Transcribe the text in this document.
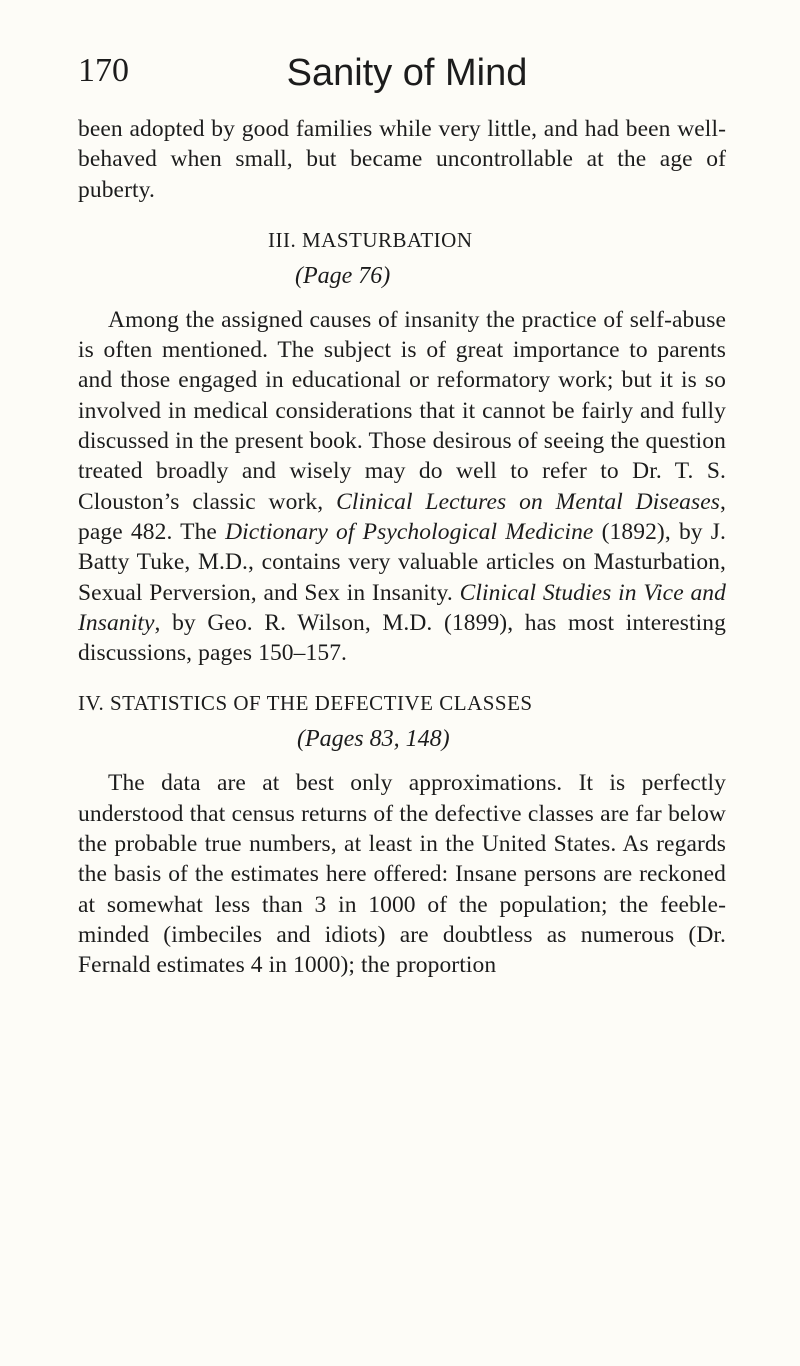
170	Sanity of Mind

been adopted by good families while very little, and had been well-behaved when small, but became uncontrollable at the age of puberty.

III. MASTURBATION
(Page 76)

Among the assigned causes of insanity the practice of self-abuse is often mentioned. The subject is of great importance to parents and those engaged in educational or reformatory work; but it is so involved in medical considerations that it cannot be fairly and fully discussed in the present book. Those desirous of seeing the question treated broadly and wisely may do well to refer to Dr. T. S. Clouston’s classic work, Clinical Lectures on Mental Diseases, page 482. The Dictionary of Psychological Medicine (1892), by J. Batty Tuke, M.D., contains very valuable articles on Masturbation, Sexual Perversion, and Sex in Insanity. Clinical Studies in Vice and Insanity, by Geo. R. Wilson, M.D. (1899), has most interesting discussions, pages 150–157.

IV. STATISTICS OF THE DEFECTIVE CLASSES
(Pages 83, 148)

The data are at best only approximations. It is perfectly understood that census returns of the defective classes are far below the probable true numbers, at least in the United States. As regards the basis of the estimates here offered: Insane persons are reckoned at somewhat less than 3 in 1000 of the population; the feeble-minded (imbeciles and idiots) are doubtless as numerous (Dr. Fernald estimates 4 in 1000); the proportion
